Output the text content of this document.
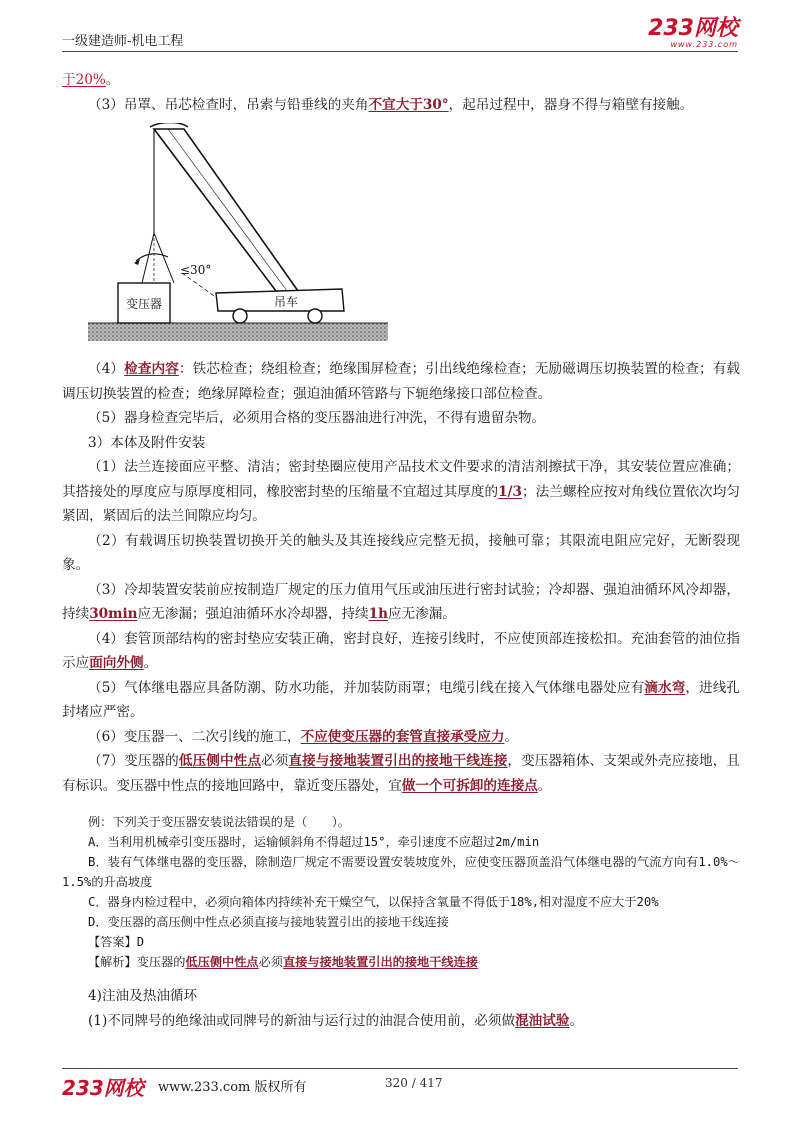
一级建造师-机电工程
233网校
www.233.com

于20%。

（3）吊罩、吊芯检查时，吊索与铅垂线的夹角不宜大于30°，起吊过程中，器身不得与箱壁有接触。

≤30°
变压器	吊车

（4）检查内容：铁芯检查；绕组检查；绝缘围屏检查；引出线绝缘检查；无励磁调压切换装置的检查；有载调压切换装置的检查；绝缘屏障检查；强迫油循环管路与下轭绝缘接口部位检查。

（5）器身检查完毕后，必须用合格的变压器油进行冲洗，不得有遗留杂物。

3）本体及附件安装

（1）法兰连接面应平整、清洁；密封垫圈应使用产品技术文件要求的清洁剂擦拭干净，其安装位置应准确；其搭接处的厚度应与原厚度相同，橡胶密封垫的压缩量不宜超过其厚度的1/3；法兰螺栓应按对角线位置依次均匀紧固，紧固后的法兰间隙应均匀。

（2）有载调压切换装置切换开关的触头及其连接线应完整无损，接触可靠；其限流电阻应完好，无断裂现象。

（3）冷却装置安装前应按制造厂规定的压力值用气压或油压进行密封试验；冷却器、强迫油循环风冷却器，持续30min应无渗漏；强迫油循环水冷却器，持续1h应无渗漏。

（4）套管顶部结构的密封垫应安装正确，密封良好，连接引线时，不应使顶部连接松扣。充油套管的油位指示应面向外侧。

（5）气体继电器应具备防潮、防水功能，并加装防雨罩；电缆引线在接入气体继电器处应有滴水弯，进线孔封堵应严密。

（6）变压器一、二次引线的施工，不应使变压器的套管直接承受应力。

（7）变压器的低压侧中性点必须直接与接地装置引出的接地干线连接，变压器箱体、支架或外壳应接地，且有标识。变压器中性点的接地回路中，靠近变压器处，宜做一个可拆卸的连接点。

例：下列关于变压器安装说法错误的是（　　）。

A．当利用机械牵引变压器时，运输倾斜角不得超过15°，牵引速度不应超过2m/min

B．装有气体继电器的变压器，除制造厂规定不需要设置安装坡度外，应使变压器顶盖沿气体继电器的气流方向有1.0%～1.5%的升高坡度

C．器身内检过程中，必须向箱体内持续补充干燥空气，以保持含氧量不得低于18%,相对湿度不应大于20%

D．变压器的高压侧中性点必须直接与接地装置引出的接地干线连接

【答案】D

【解析】变压器的低压侧中性点必须直接与接地装置引出的接地干线连接

4)注油及热油循环

(1)不同牌号的绝缘油或同牌号的新油与运行过的油混合使用前，必须做混油试验。

233网校 www.233.com 版权所有	320 / 417
